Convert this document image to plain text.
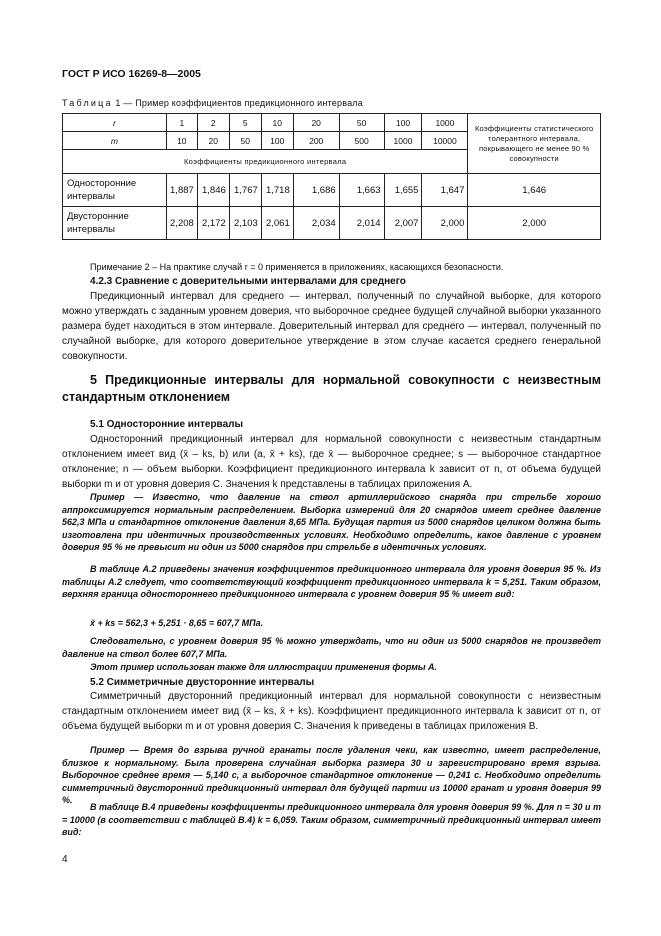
ГОСТ Р ИСО 16269-8—2005
Таблица 1 — Пример коэффициентов предикционного интервала
r	1	2	5	10	20	50	100	1000	Коэффициенты статистического толерантного интервала, покрывающего не менее 90 % совокупности
m	10	20	50	100	200	500	1000	10000	
Коэффициенты предикционного интервала									
Односторонние интервалы	1,887	1,846	1,767	1,718	1,686	1,663	1,655	1,647	1,646
Двусторонние интервалы	2,208	2,172	2,103	2,061	2,034	2,014	2,007	2,000	2,000
Примечание 2 – На практике случай r = 0 применяется в приложениях, касающихся безопасности.
4.2.3 Сравнение с доверительными интервалами для среднего
Предикционный интервал для среднего — интервал, полученный по случайной выборке, для которого можно утверждать с заданным уровнем доверия, что выборочное среднее будущей случайной выборки указанного размера будет находиться в этом интервале. Доверительный интервал для среднего — интервал, полученный по случайной выборке, для которого доверительное утверждение в этом случае касается среднего генеральной совокупности.
5 Предикционные интервалы для нормальной совокупности с неизвестным стандартным отклонением
5.1 Односторонние интервалы
Односторонний предикционный интервал для нормальной совокупности с неизвестным стандартным отклонением имеет вид (x̄ – ks, b) или (a, x̄ + ks), где x̄ — выборочное среднее; s — выборочное стандартное отклонение; n — объем выборки. Коэффициент предикционного интервала k зависит от n, от объема будущей выборки m и от уровня доверия C. Значения k представлены в таблицах приложения А.
Пример — Известно, что давление на ствол артиллерийского снаряда при стрельбе хорошо аппроксимируется нормальным распределением. Выборка измерений для 20 снарядов имеет среднее давление 562,3 МПа и стандартное отклонение давления 8,65 МПа. Будущая партия из 5000 снарядов целиком должна быть изготовлена при идентичных производственных условиях. Необходимо определить, какое давление с уровнем доверия 95 % не превысит ни один из 5000 снарядов при стрельбе в идентичных условиях.
В таблице А.2 приведены значения коэффициентов предикционного интервала для уровня доверия 95 %. Из таблицы А.2 следует, что соответствующий коэффициент предикционного интервала k = 5,251. Таким образом, верхняя граница одностороннего предикционного интервала с уровнем доверия 95 % имеет вид:
x̄ + ks = 562,3 + 5,251 · 8,65 = 607,7 МПа.
Следовательно, с уровнем доверия 95 % можно утверждать, что ни один из 5000 снарядов не произведет давление на ствол более 607,7 МПа.
Этот пример использован также для иллюстрации применения формы А.
5.2 Симметричные двусторонние интервалы
Симметричный двусторонний предикционный интервал для нормальной совокупности с неизвестным стандартным отклонением имеет вид (x̄ – ks, x̄ + ks). Коэффициент предикционного интервала k зависит от n, от объема будущей выборки m и от уровня доверия C. Значения k приведены в таблицах приложения В.
Пример — Время до взрыва ручной гранаты после удаления чеки, как известно, имеет распределение, близкое к нормальному. Была проверена случайная выборка размера 30 и зарегистрировано время взрыва. Выборочное среднее время — 5,140 с, а выборочное стандартное отклонение — 0,241 с. Необходимо определить симметричный двусторонний предикционный интервал для будущей партии из 10000 гранат и уровня доверия 99 %.
В таблице В.4 приведены коэффициенты предикционного интервала для уровня доверия 99 %. Для n = 30 и m = 10000 (в соответствии с таблицей В.4) k = 6,059. Таким образом, симметричный предикционный интервал имеет вид:
4
